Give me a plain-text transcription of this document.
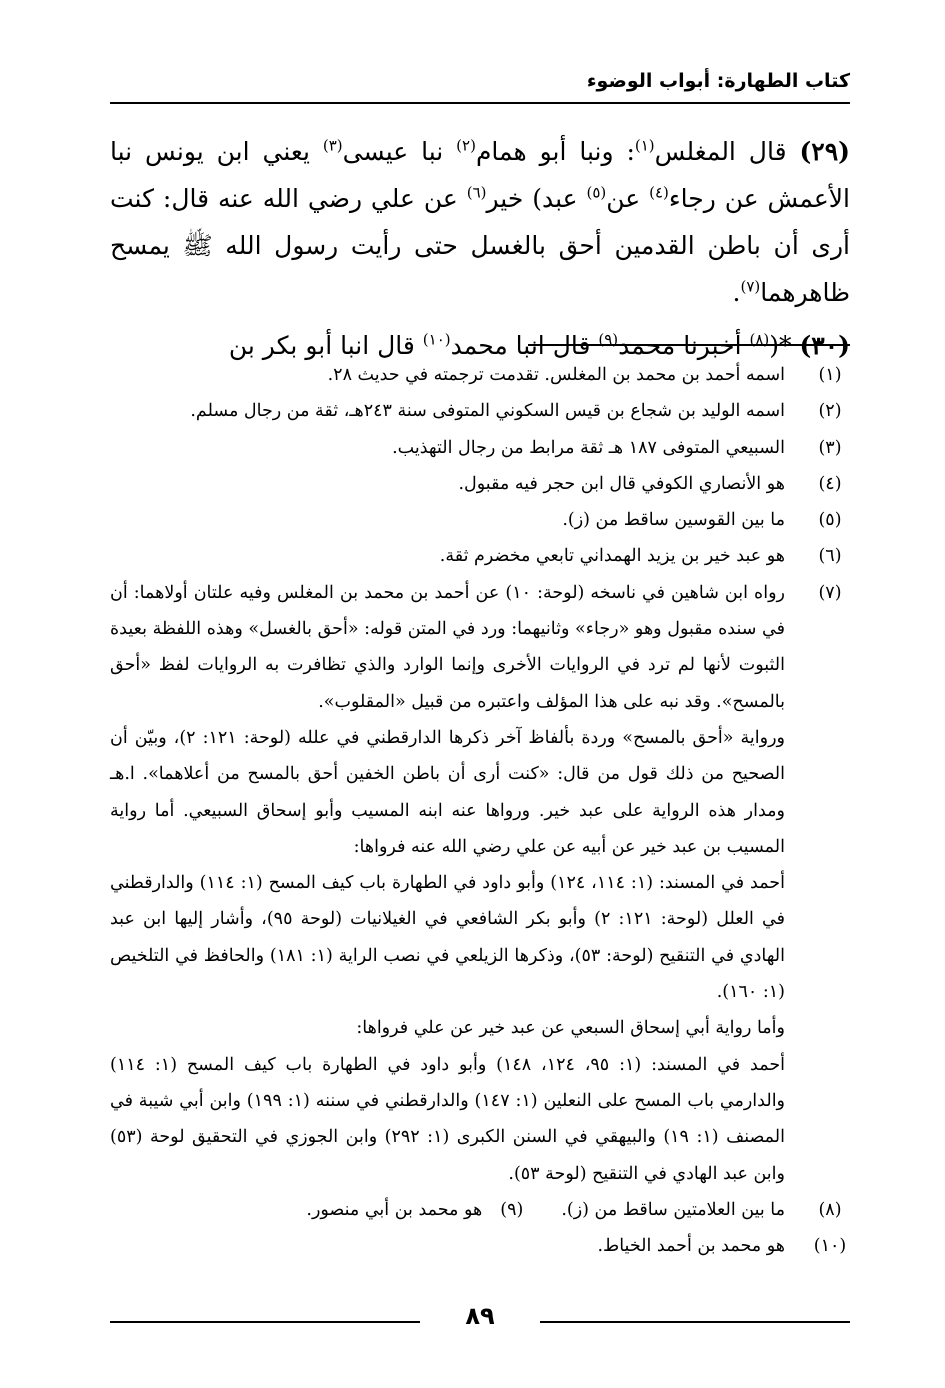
كتاب الطهارة: أبواب الوضوء

(٢٩) قال المغلس$^{(١)}$: ونبا أبو همام$^{(٢)}$ نبا عيسى$^{(٣)}$ يعني ابن يونس نبا الأعمش عن رجاء$^{(٤)}$ عن$^{(٥)}$ عبد) خير$^{(٦)}$ عن علي رضي الله عنه قال: كنت أرى أن باطن القدمين أحق بالغسل حتى رأيت رسول الله ﷺ يمسح ظاهرهما$^{(٧)}$.

(٣٠) *($^{(٨)}$ أخبرنا محمد$^{(٩)}$ قال انبا محمد$^{(١٠)}$ قال انبا أبو بكر بن

(١)
اسمه أحمد بن محمد بن المغلس. تقدمت ترجمته في حديث ٢٨.
(٢)
اسمه الوليد بن شجاع بن قيس السكوني المتوفى سنة ٢٤٣هـ، ثقة من رجال مسلم.
(٣)
السبيعي المتوفى ١٨٧ هـ ثقة مرابط من رجال التهذيب.
(٤)
هو الأنصاري الكوفي قال ابن حجر فيه مقبول.
(٥)
ما بين القوسين ساقط من (ز).
(٦)
هو عبد خير بن يزيد الهمداني تابعي مخضرم ثقة.
(٧)
رواه ابن شاهين في ناسخه (لوحة: ١٠) عن أحمد بن محمد بن المغلس وفيه علتان أولاهما: أن في سنده مقبول وهو «رجاء» وثانيهما: ورد في المتن قوله: «أحق بالغسل» وهذه اللفظة بعيدة الثبوت لأنها لم ترد في الروايات الأخرى وإنما الوارد والذي تظافرت به الروايات لفظ «أحق بالمسح». وقد نبه على هذا المؤلف واعتبره من قبيل «المقلوب».
ورواية «أحق بالمسح» وردة بألفاظ آخر ذكرها الدارقطني في علله (لوحة: ١٢١: ٢)، وبيّن أن الصحيح من ذلك قول من قال: «كنت أرى أن باطن الخفين أحق بالمسح من أعلاهما». ا.هـ ومدار هذه الرواية على عبد خير. ورواها عنه ابنه المسيب وأبو إسحاق السبيعي. أما رواية المسيب بن عبد خير عن أبيه عن علي رضي الله عنه فرواها:
أحمد في المسند: (١: ١١٤، ١٢٤) وأبو داود في الطهارة باب كيف المسح (١: ١١٤) والدارقطني في العلل (لوحة: ١٢١: ٢) وأبو بكر الشافعي في الغيلانيات (لوحة ٩٥)، وأشار إليها ابن عبد الهادي في التنقيح (لوحة: ٥٣)، وذكرها الزيلعي في نصب الراية (١: ١٨١) والحافظ في التلخيص (١: ١٦٠).
وأما رواية أبي إسحاق السبعي عن عبد خير عن علي فرواها:
أحمد في المسند: (١: ٩٥، ١٢٤، ١٤٨) وأبو داود في الطهارة باب كيف المسح (١: ١١٤) والدارمي باب المسح على النعلين (١: ١٤٧) والدارقطني في سننه (١: ١٩٩) وابن أبي شيبة في المصنف (١: ١٩) والبيهقي في السنن الكبرى (١: ٢٩٢) وابن الجوزي في التحقيق لوحة (٥٣) وابن عبد الهادي في التنقيح (لوحة ٥٣).
(٨)
ما بين العلامتين ساقط من (ز).(٩)هو محمد بن أبي منصور.
(١٠)
هو محمد بن أحمد الخياط.
٨٩
